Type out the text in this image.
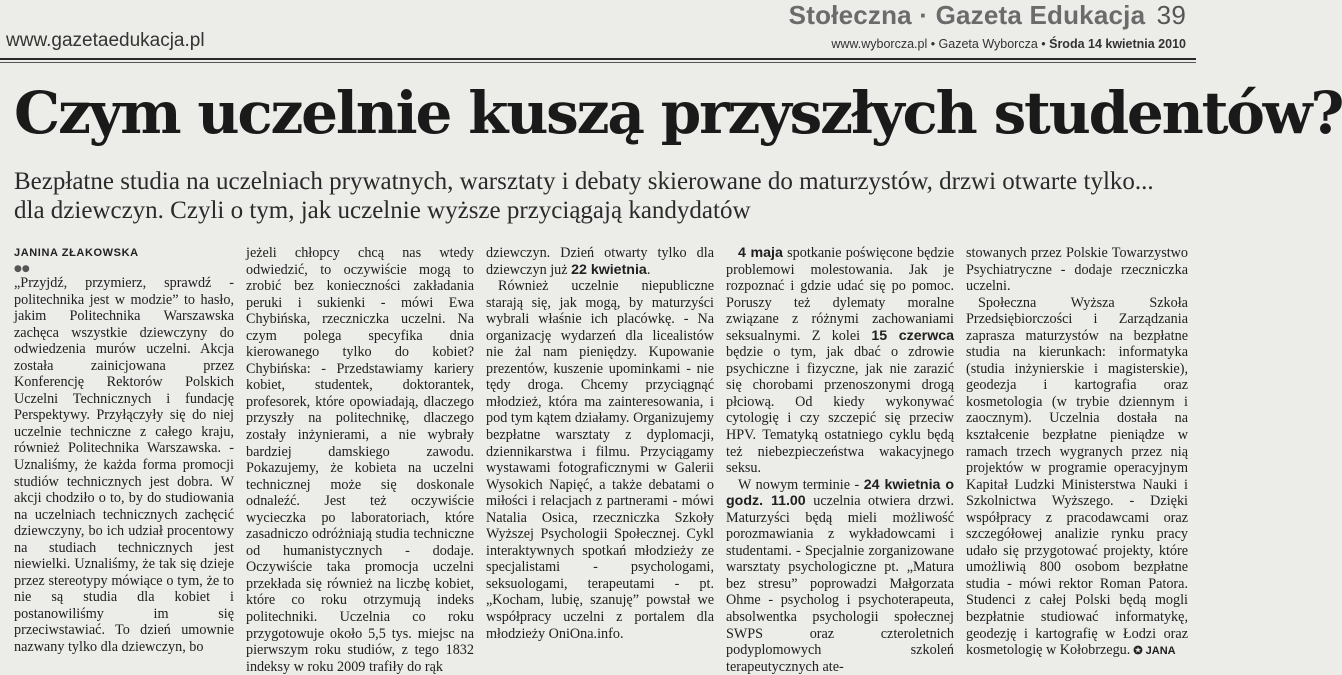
www.gazetaedukacja.pl
Stołeczna · Gazeta Edukacja 39
www.wyborcza.pl • Gazeta Wyborcza • Środa 14 kwietnia 2010
Czym uczelnie kuszą przyszłych studentów?
Bezpłatne studia na uczelniach prywatnych, warsztaty i debaty skierowane do maturzystów, drzwi otwarte tylko... dla dziewczyn. Czyli o tym, jak uczelnie wyższe przyciągają kandydatów
JANINA ZŁAKOWSKA
●●

„Przyjdź, przymierz, sprawdź - politechnika jest w modzie” to hasło, jakim Politechnika Warszawska zachęca wszystkie dziewczyny do odwiedzenia murów uczelni. Akcja została zainicjowana przez Konferencję Rektorów Polskich Uczelni Technicznych i fundację Perspektywy. Przyłączyły się do niej uczelnie techniczne z całego kraju, również Politechnika Warszawska. - Uznaliśmy, że każda forma promocji studiów technicznych jest dobra. W akcji chodziło o to, by do studiowania na uczelniach technicznych zachęcić dziewczyny, bo ich udział procentowy na studiach technicznych jest niewielki. Uznaliśmy, że tak się dzieje przez stereotypy mówiące o tym, że to nie są studia dla kobiet i postanowiliśmy im się przeciwstawiać. To dzień umownie nazwany tylko dla dziewczyn, bo

jeżeli chłopcy chcą nas wtedy odwiedzić, to oczywiście mogą to zrobić bez konieczności zakładania peruki i sukienki - mówi Ewa Chybińska, rzeczniczka uczelni. Na czym polega specyfika dnia kierowanego tylko do kobiet? Chybińska: - Przedstawiamy kariery kobiet, studentek, doktorantek, profesorek, które opowiadają, dlaczego przyszły na politechnikę, dlaczego zostały inżynierami, a nie wybrały bardziej damskiego zawodu. Pokazujemy, że kobieta na uczelni technicznej może się doskonale odnaleźć. Jest też oczywiście wycieczka po laboratoriach, które zasadniczo odróżniają studia techniczne od humanistycznych - dodaje. Oczywiście taka promocja uczelni przekłada się również na liczbę kobiet, które co roku otrzymują indeks politechniki. Uczelnia co roku przygotowuje około 5,5 tys. miejsc na pierwszym roku studiów, z tego 1832 indeksy w roku 2009 trafiły do rąk

dziewczyn. Dzień otwarty tylko dla dziewczyn już 22 kwietnia.

Również uczelnie niepubliczne starają się, jak mogą, by maturzyści wybrali właśnie ich placówkę. - Na organizację wydarzeń dla licealistów nie żal nam pieniędzy. Kupowanie prezentów, kuszenie upominkami - nie tędy droga. Chcemy przyciągnąć młodzież, która ma zainteresowania, i pod tym kątem działamy. Organizujemy bezpłatne warsztaty z dyplomacji, dziennikarstwa i filmu. Przyciągamy wystawami fotograficznymi w Galerii Wysokich Napięć, a także debatami o miłości i relacjach z partnerami - mówi Natalia Osica, rzeczniczka Szkoły Wyższej Psychologii Społecznej. Cykl interaktywnych spotkań młodzieży ze specjalistami - psychologami, seksuologami, terapeutami - pt. „Kocham, lubię, szanuję” powstał we współpracy uczelni z portalem dla młodzieży OniOna.info.

4 maja spotkanie poświęcone będzie problemowi molestowania. Jak je rozpoznać i gdzie udać się po pomoc. Poruszy też dylematy moralne związane z różnymi zachowaniami seksualnymi. Z kolei 15 czerwca będzie o tym, jak dbać o zdrowie psychiczne i fizyczne, jak nie zarazić się chorobami przenoszonymi drogą płciową. Od kiedy wykonywać cytologię i czy szczepić się przeciw HPV. Tematyką ostatniego cyklu będą też niebezpieczeństwa wakacyjnego seksu.

W nowym terminie - 24 kwietnia o godz. 11.00 uczelnia otwiera drzwi. Maturzyści będą mieli możliwość porozmawiania z wykładowcami i studentami. - Specjalnie zorganizowane warsztaty psychologiczne pt. „Matura bez stresu” poprowadzi Małgorzata Ohme - psycholog i psychoterapeuta, absolwentka psychologii społecznej SWPS oraz czteroletnich podyplomowych szkoleń terapeutycznych ate-

stowanych przez Polskie Towarzystwo Psychiatryczne - dodaje rzeczniczka uczelni.

Społeczna Wyższa Szkoła Przedsiębiorczości i Zarządzania zaprasza maturzystów na bezpłatne studia na kierunkach: informatyka (studia inżynierskie i magisterskie), geodezja i kartografia oraz kosmetologia (w trybie dziennym i zaocznym). Uczelnia dostała na kształcenie bezpłatne pieniądze w ramach trzech wygranych przez nią projektów w programie operacyjnym Kapitał Ludzki Ministerstwa Nauki i Szkolnictwa Wyższego. - Dzięki współpracy z pracodawcami oraz szczegółowej analizie rynku pracy udało się przygotować projekty, które umożliwią 800 osobom bezpłatne studia - mówi rektor Roman Patora. Studenci z całej Polski będą mogli bezpłatnie studiować informatykę, geodezję i kartografię w Łodzi oraz kosmetologię w Kołobrzegu. ✪ JANA
